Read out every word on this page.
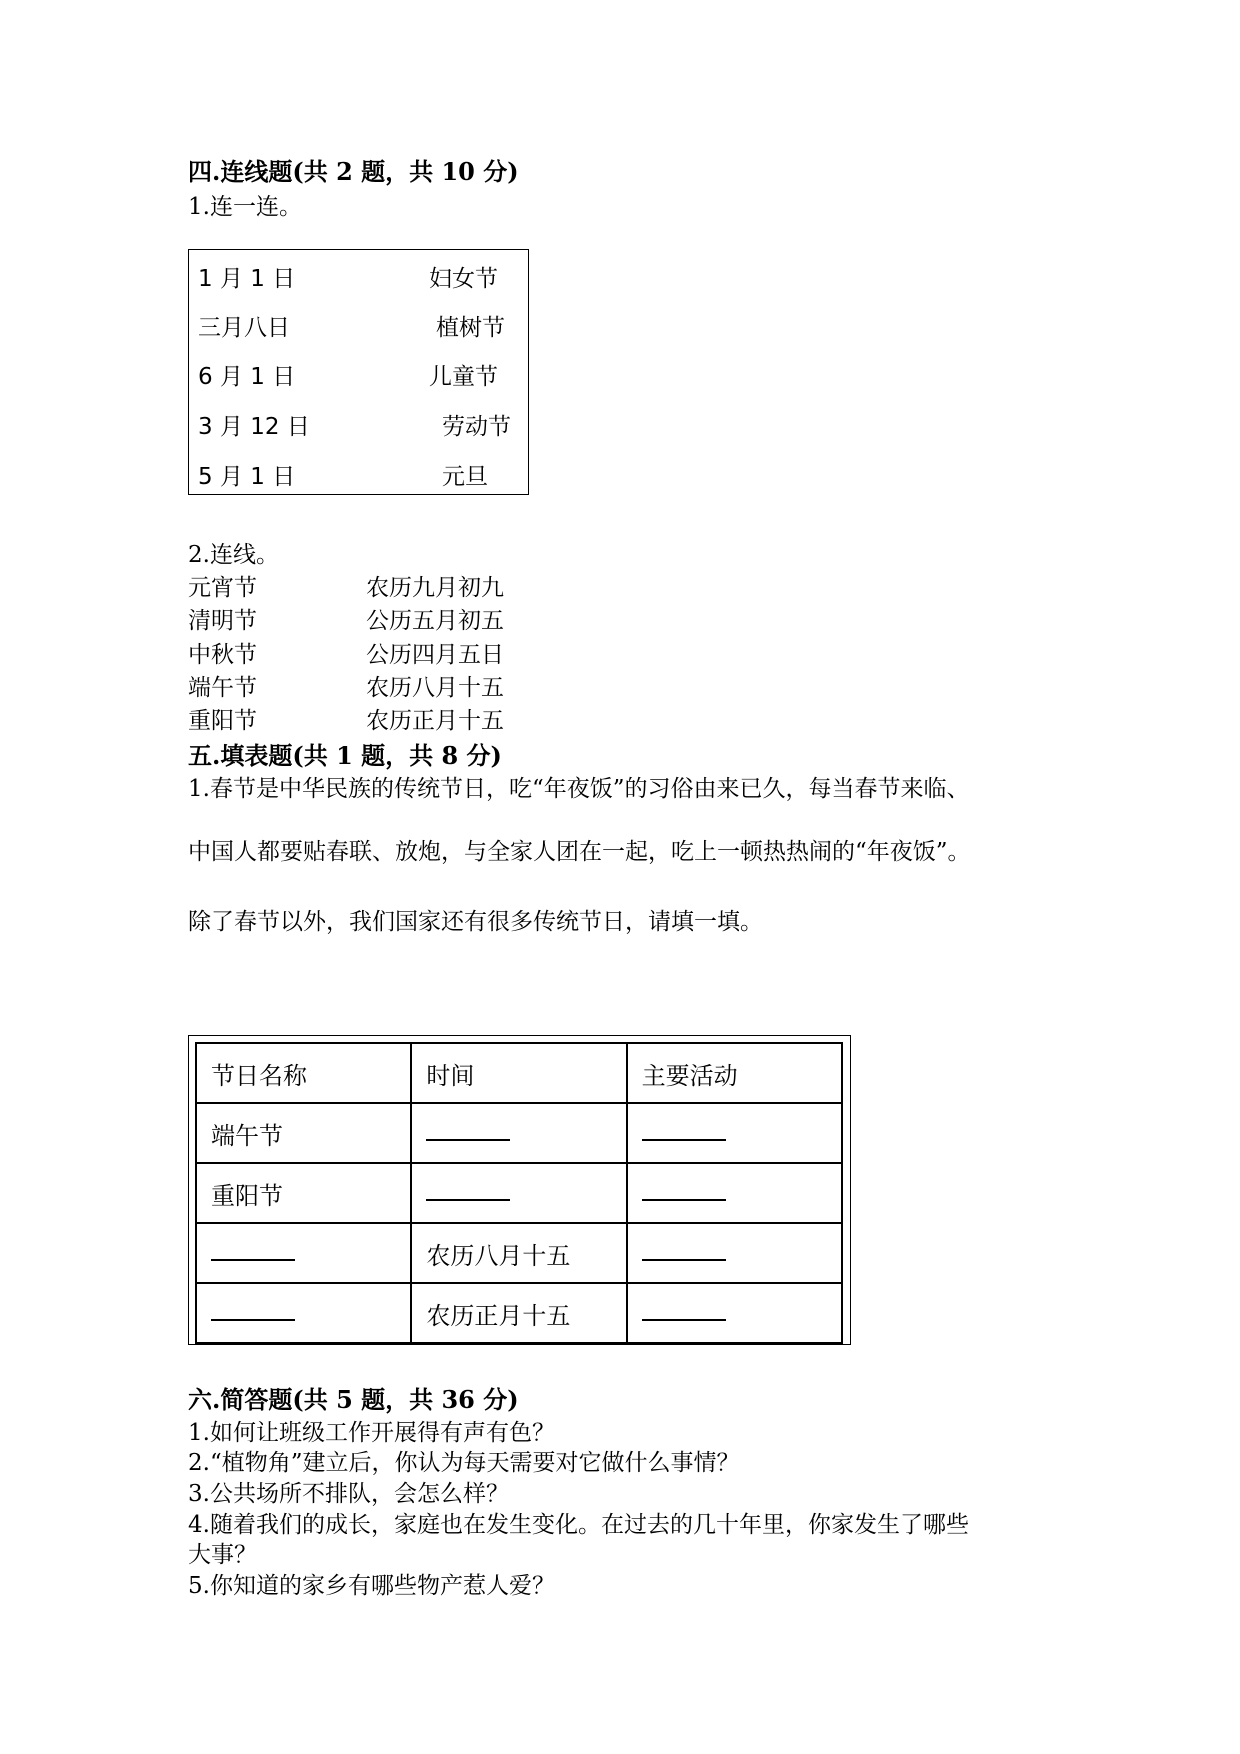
四.连线题(共 2 题，共 10 分)
1.连一连。
1 月 1 日	妇女节
三月八日	植树节
6 月 1 日	儿童节
3 月 12 日	劳动节
5 月 1 日	元旦
2.连线。
元宵节	农历九月初九
清明节	公历五月初五
中秋节	公历四月五日
端午节	农历八月十五
重阳节	农历正月十五
五.填表题(共 1 题，共 8 分)
1.春节是中华民族的传统节日，吃“年夜饭”的习俗由来已久，每当春节来临、
中国人都要贴春联、放炮，与全家人团在一起，吃上一顿热热闹的“年夜饭”。
除了春节以外，我们国家还有很多传统节日，请填一填。
节日名称	时间	主要活动
端午节		
重阳节		
	农历八月十五	
	农历正月十五	
六.简答题(共 5 题，共 36 分)
1.如何让班级工作开展得有声有色？
2.“植物角”建立后，你认为每天需要对它做什么事情？
3.公共场所不排队，会怎么样？
4.随着我们的成长，家庭也在发生变化。在过去的几十年里，你家发生了哪些
大事？
5.你知道的家乡有哪些物产惹人爱？
